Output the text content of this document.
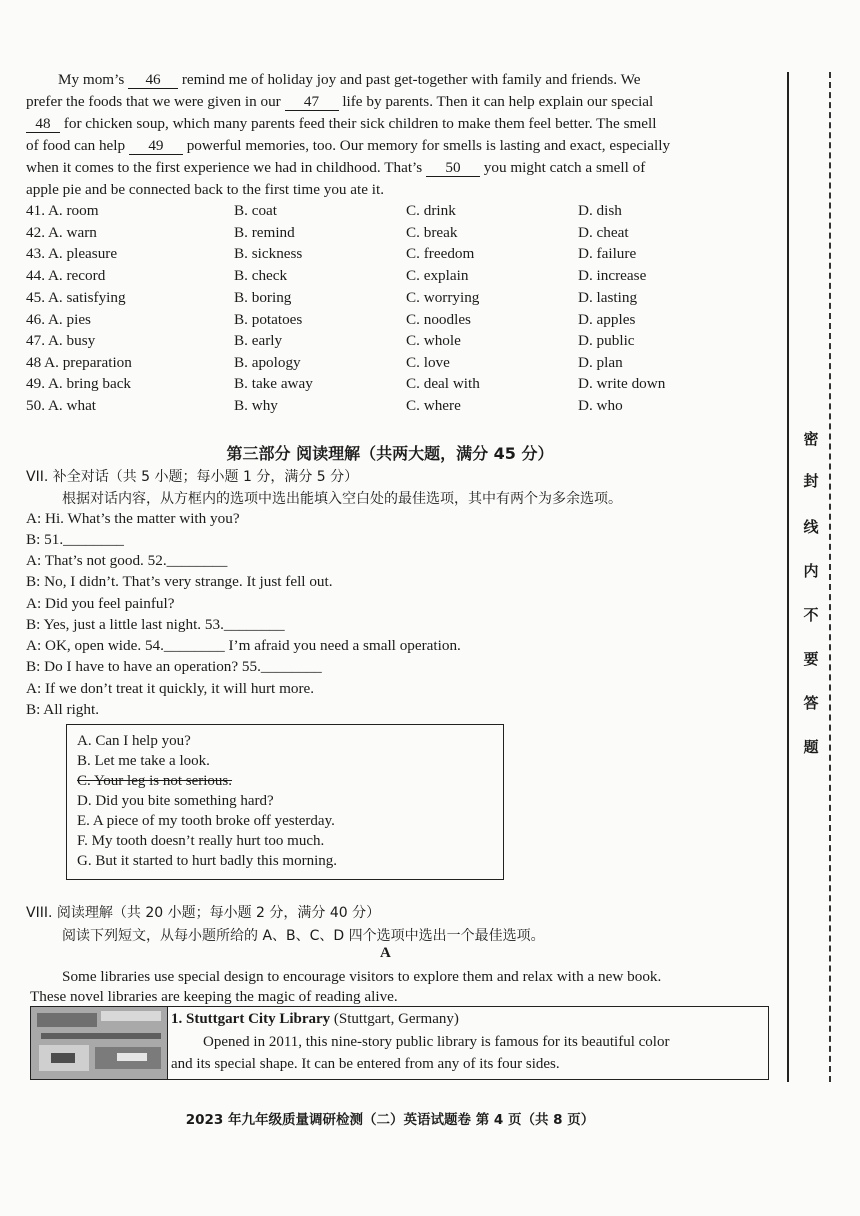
My mom’s 46 remind me of holiday joy and past get-together with family and friends. We
prefer the foods that we were given in our 47 life by parents. Then it can help explain our special
48 for chicken soup, which many parents feed their sick children to make them feel better. The smell
of food can help 49 powerful memories, too. Our memory for smells is lasting and exact, especially
when it comes to the first experience we had in childhood. That’s 50 you might catch a smell of
apple pie and be connected back to the first time you ate it.
41. A. room	B. coat	C. drink	D. dish
42. A. warn	B. remind	C. break	D. cheat
43. A. pleasure	B. sickness	C. freedom	D. failure
44. A. record	B. check	C. explain	D. increase
45. A. satisfying	B. boring	C. worrying	D. lasting
46. A. pies	B. potatoes	C. noodles	D. apples
47. A. busy	B. early	C. whole	D. public
48 A. preparation	B. apology	C. love	D. plan
49. A. bring back	B. take away	C. deal with	D. write down
50. A. what	B. why	C. where	D. who
第三部分 阅读理解（共两大题，满分 45 分）
VII. 补全对话（共 5 小题；每小题 1 分，满分 5 分）
根据对话内容，从方框内的选项中选出能填入空白处的最佳选项，其中有两个为多余选项。
A: Hi. What’s the matter with you?
B: 51.________
A: That’s not good. 52.________
B: No, I didn’t. That’s very strange. It just fell out.
A: Did you feel painful?
B: Yes, just a little last night. 53.________
A: OK, open wide. 54.________ I’m afraid you need a small operation.
B: Do I have to have an operation? 55.________
A: If we don’t treat it quickly, it will hurt more.
B: All right.
A. Can I help you?
B. Let me take a look.
C. Your leg is not serious.
D. Did you bite something hard?
E. A piece of my tooth broke off yesterday.
F. My tooth doesn’t really hurt too much.
G. But it started to hurt badly this morning.
VIII. 阅读理解（共 20 小题；每小题 2 分，满分 40 分）
阅读下列短文，从每小题所给的 A、B、C、D 四个选项中选出一个最佳选项。
A
Some libraries use special design to encourage visitors to explore them and relax with a new book.
These novel libraries are keeping the magic of reading alive.
1. Stuttgart City Library (Stuttgart, Germany)
Opened in 2011, this nine-story public library is famous for its beautiful color
and its special shape. It can be entered from any of its four sides.
2023 年九年级质量调研检测（二）英语试题卷 第 4 页（共 8 页）
密
封
线
内
不
要
答
题
